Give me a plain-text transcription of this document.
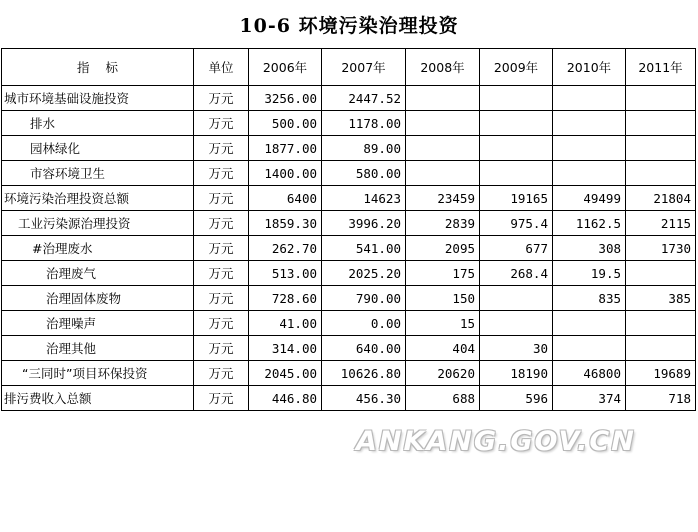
10-6 环境污染治理投资
指    标	单位	2006年	2007年	2008年	2009年	2010年	2011年
城市环境基础设施投资	万元	3256.00	2447.52				
排水	万元	500.00	1178.00				
园林绿化	万元	1877.00	89.00				
市容环境卫生	万元	1400.00	580.00				
环境污染治理投资总额	万元	6400	14623	23459	19165	49499	21804
工业污染源治理投资	万元	1859.30	3996.20	2839	975.4	1162.5	2115
#治理废水	万元	262.70	541.00	2095	677	308	1730
治理废气	万元	513.00	2025.20	175	268.4	19.5	
治理固体废物	万元	728.60	790.00	150		835	385
治理噪声	万元	41.00	0.00	15			
治理其他	万元	314.00	640.00	404	30		
“三同时”项目环保投资	万元	2045.00	10626.80	20620	18190	46800	19689
排污费收入总额	万元	446.80	456.30	688	596	374	718
ANKANG.GOV.CN
